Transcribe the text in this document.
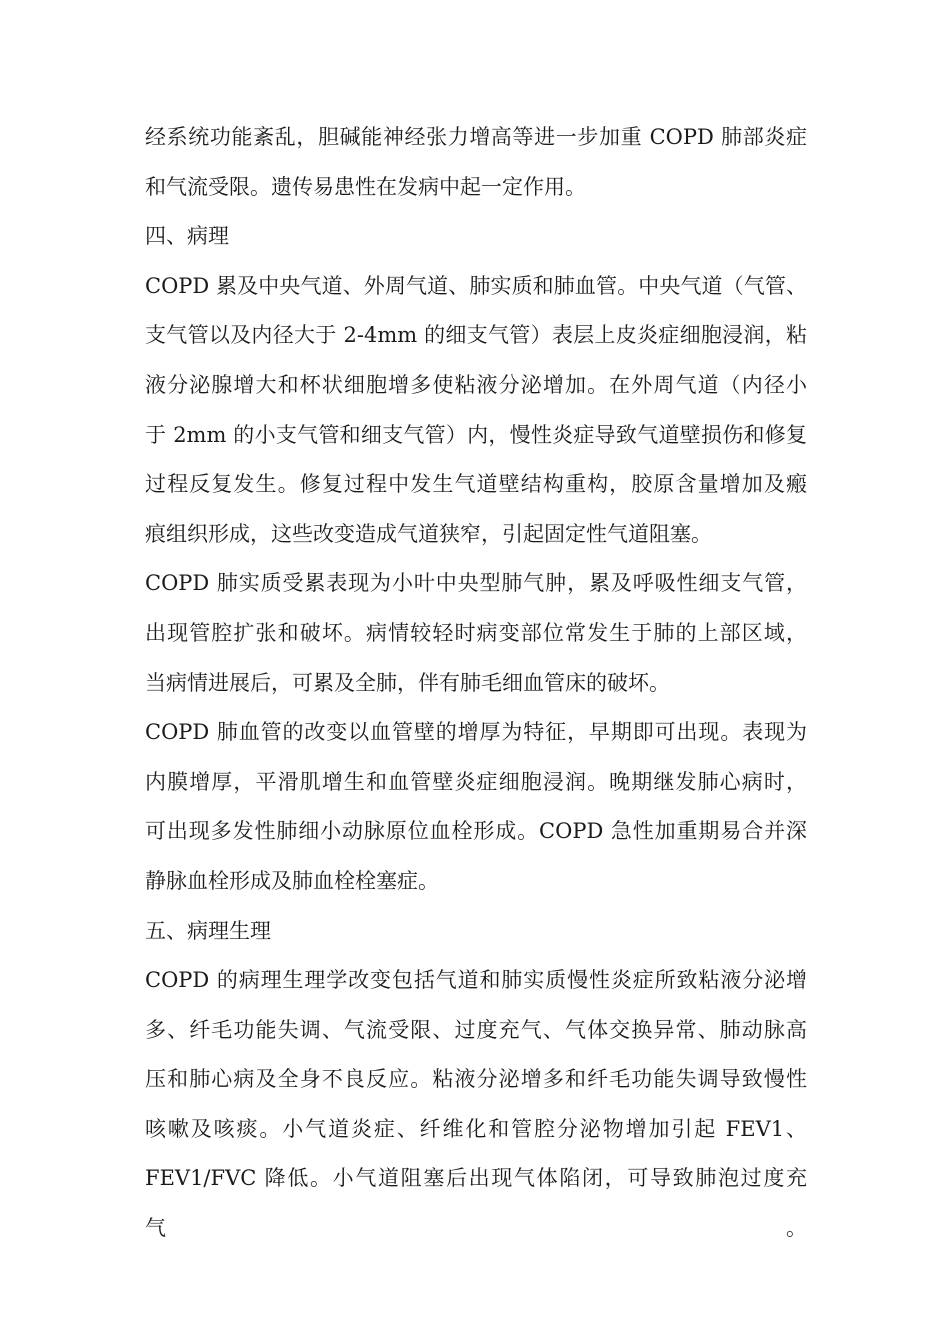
经系统功能紊乱，胆碱能神经张力增高等进一步加重 COPD 肺部炎症
和气流受限。遗传易患性在发病中起一定作用。
四、病理
COPD 累及中央气道、外周气道、肺实质和肺血管。中央气道（气管、
支气管以及内径大于 2-4mm 的细支气管）表层上皮炎症细胞浸润，粘
液分泌腺增大和杯状细胞增多使粘液分泌增加。在外周气道（内径小
于 2mm 的小支气管和细支气管）内，慢性炎症导致气道壁损伤和修复
过程反复发生。修复过程中发生气道壁结构重构，胶原含量增加及瘢
痕组织形成，这些改变造成气道狭窄，引起固定性气道阻塞。
COPD 肺实质受累表现为小叶中央型肺气肿，累及呼吸性细支气管，
出现管腔扩张和破坏。病情较轻时病变部位常发生于肺的上部区域，
当病情进展后，可累及全肺，伴有肺毛细血管床的破坏。
COPD 肺血管的改变以血管壁的增厚为特征，早期即可出现。表现为
内膜增厚，平滑肌增生和血管壁炎症细胞浸润。晚期继发肺心病时，
可出现多发性肺细小动脉原位血栓形成。COPD 急性加重期易合并深
静脉血栓形成及肺血栓栓塞症。
五、病理生理
COPD 的病理生理学改变包括气道和肺实质慢性炎症所致粘液分泌增
多、纤毛功能失调、气流受限、过度充气、气体交换异常、肺动脉高
压和肺心病及全身不良反应。粘液分泌增多和纤毛功能失调导致慢性
咳嗽及咳痰。小气道炎症、纤维化和管腔分泌物增加引起 FEV1、
FEV1/FVC 降低。小气道阻塞后出现气体陷闭，可导致肺泡过度充气。
